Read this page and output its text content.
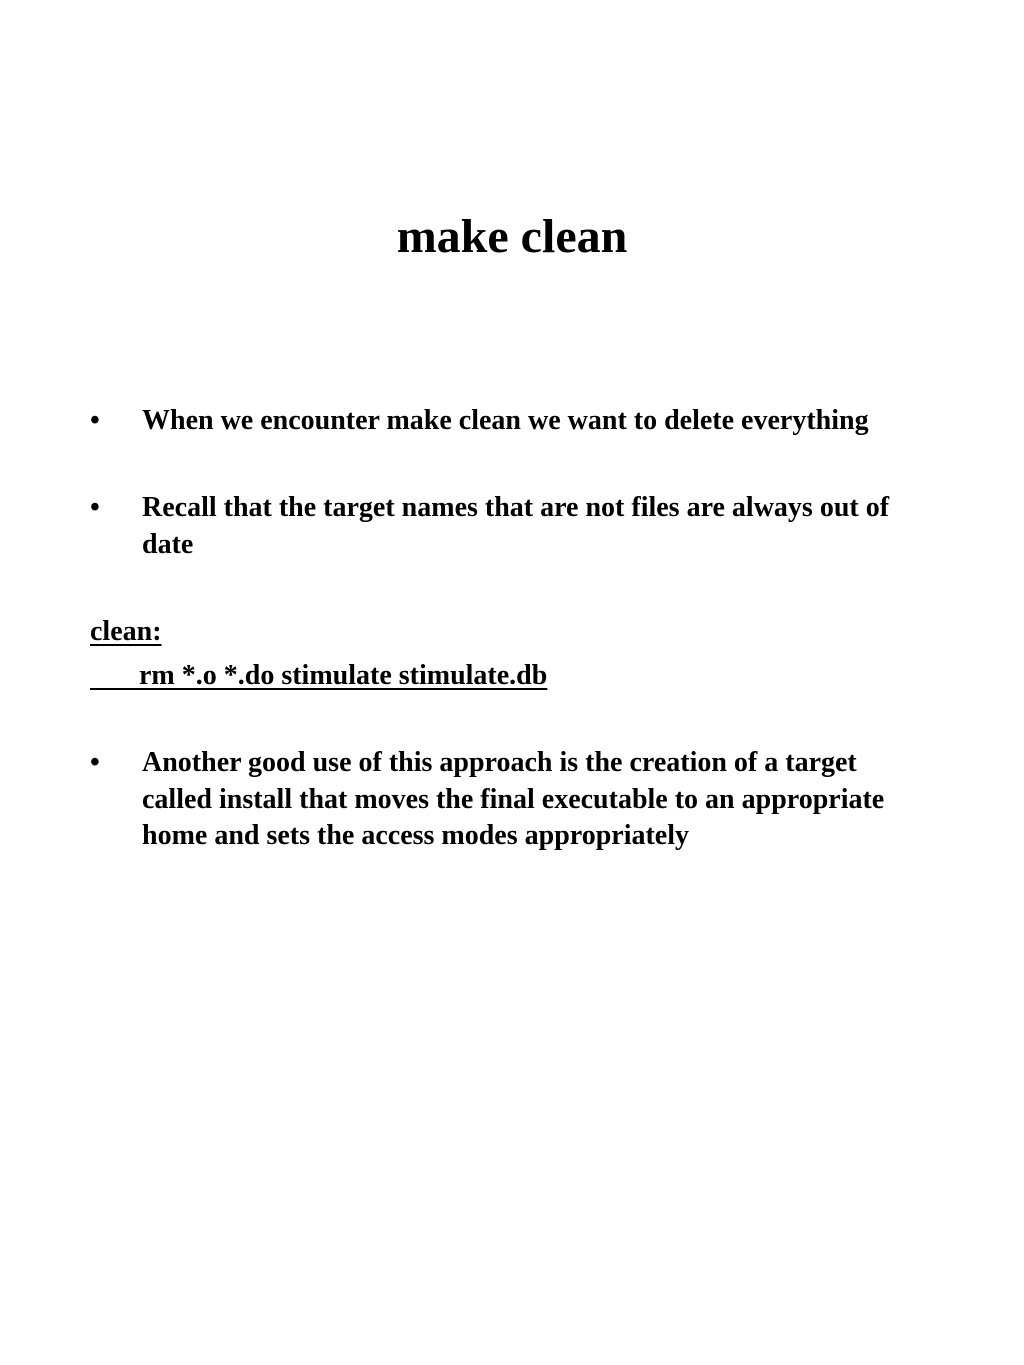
make clean
•	When we encounter make clean we want to delete everything
•	Recall that the target names that are not files are always out of date
clean:
rm *.o *.do stimulate stimulate.db
•	Another good use of this approach is the creation of a target called install that moves the final executable to an appropriate home and sets the access modes appropriately
